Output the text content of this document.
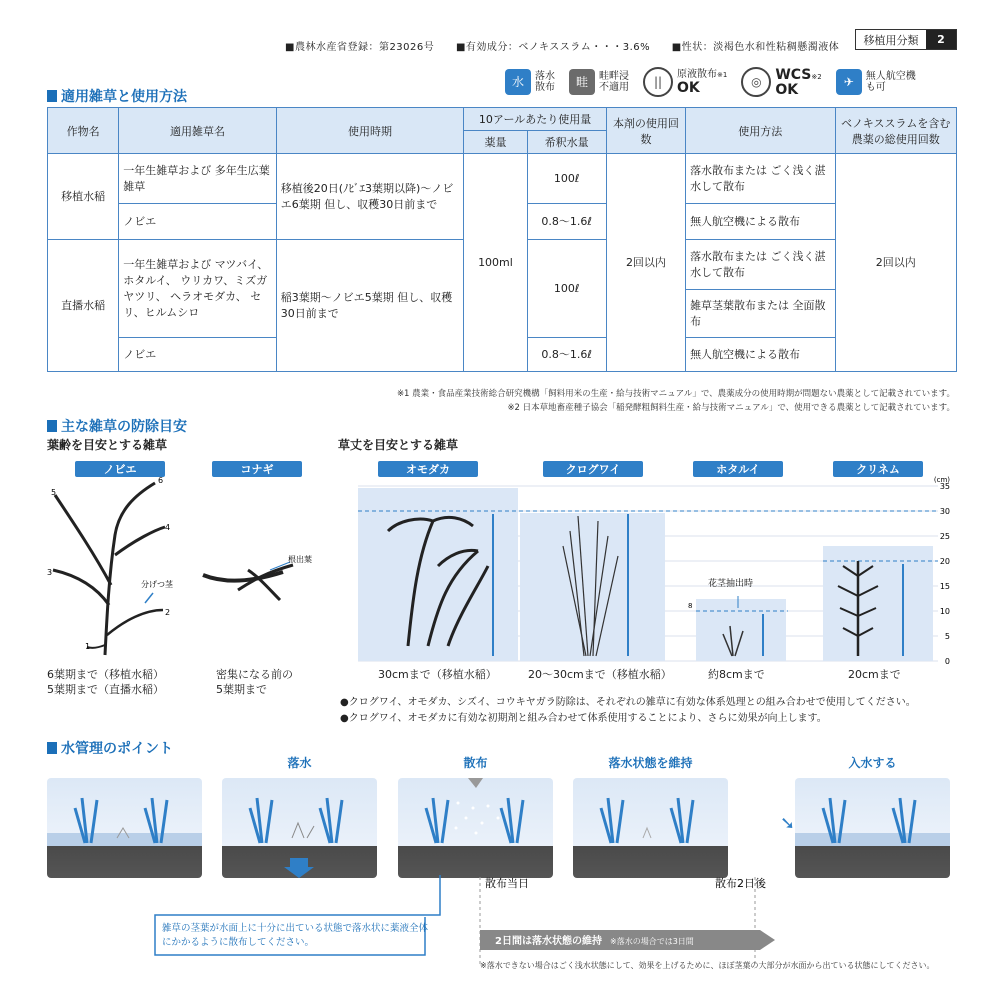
■農林水産省登録：第23026号 ■有効成分：ベノキススラム・・・3.6% ■性状：淡褐色水和性粘稠懸濁液体
移植用分類	2
適用雑草と使用方法
水	落水
散布	畦	畦畔浸
不適用	||	原液散布※1
OK	◎ WCS※2
OK	✈	無人航空機
も可
作物名	適用雑草名	使用時期	10アールあたり使用量		本剤の使用回数	使用方法	ベノキススラムを含む農薬の総使用回数
			薬量	希釈水量			
移植水稲	一年生雑草および 多年生広葉雑草	移植後20日(ﾉﾋﾞｴ3葉期以降)～ノビエ6葉期 但し、収穫30日前まで	100ml	100ℓ	2回以内	落水散布または ごく浅く湛水して散布	2回以内
	ノビエ			0.8～1.6ℓ		無人航空機による散布	
直播水稲	一年生雑草および マツバイ、ホタルイ、 ウリカワ、ミズガヤツリ、 ヘラオモダカ、 セリ、ヒルムシロ	稲3葉期～ノビエ5葉期 但し、収穫30日前まで		100ℓ		落水散布または ごく浅く湛水して散布	
						雑草茎葉散布または 全面散布	
	ノビエ			0.8～1.6ℓ		無人航空機による散布	
※1 農業・食品産業技術総合研究機構「飼料用米の生産・給与技術マニュアル」で、農薬成分の使用時期が問題ない農薬として記載されています。
※2 日本草地畜産種子協会「稲発酵粗飼料生産・給与技術マニュアル」で、使用できる農薬として記載されています。
主な雑草の防除目安
葉齢を目安とする雑草	草丈を目安とする雑草
ノビエ	コナギ
1
2
3
4
5
6
分げつ茎
根出葉
6葉期まで（移植水稲）
5葉期まで（直播水稲）
密集になる前の
5葉期まで
オモダカ	クログワイ	ホタルイ	クリネム
35
30
25
20
15
10
5
0
(cm)
8
花茎抽出時
30cmまで（移植水稲）	20～30cmまで（移植水稲）	約8cmまで	20cmまで
●クログワイ、オモダカ、シズイ、コウキヤガラ防除は、それぞれの雑草に有効な体系処理との組み合わせで使用してください。
●クログワイ、オモダカに有効な初期剤と組み合わせて体系使用することにより、さらに効果が向上します。
水管理のポイント
落水	散布	落水状態を維持	入水する
➘
散布当日	散布2日後
2日間は落水状態の維持 ※落水の場合では3日間
雑草の茎葉が水面上に十分に出ている状態で落水状に薬液全体にかかるように散布してください。
※落水できない場合はごく浅水状態にして、効果を上げるために、ほぼ茎葉の大部分が水面から出ている状態にしてください。
